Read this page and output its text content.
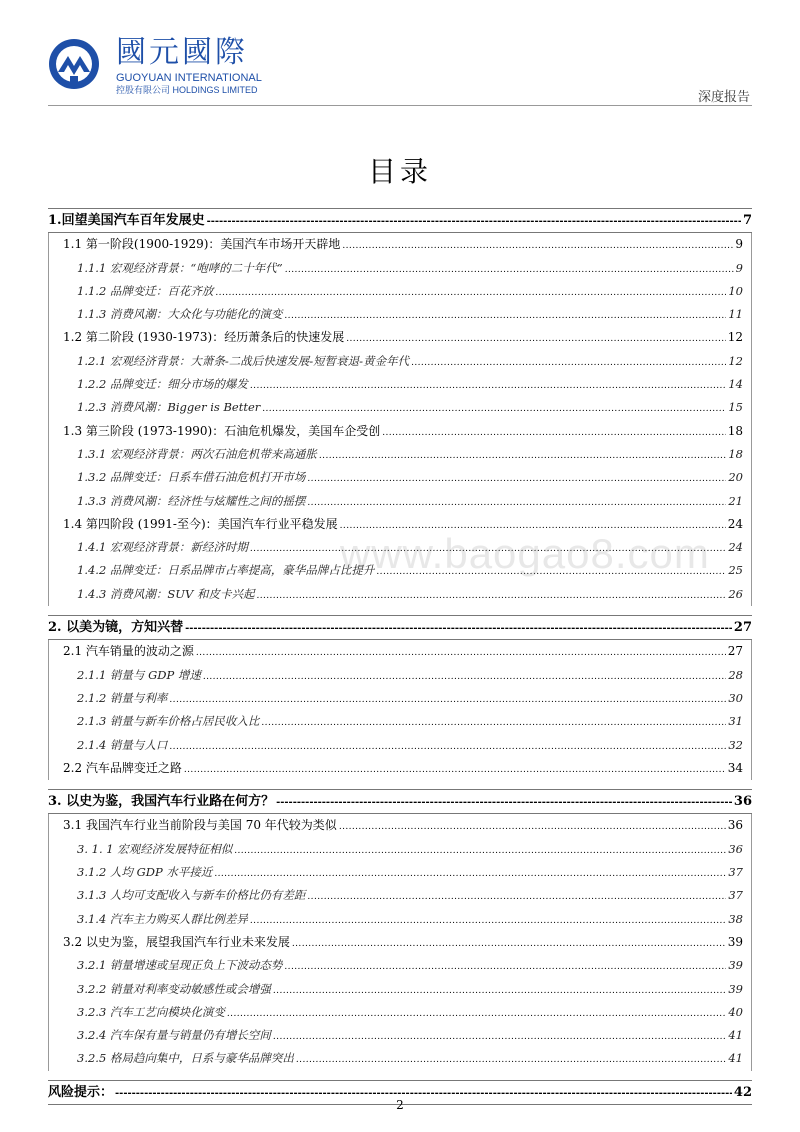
國元國際
GUOYUAN INTERNATIONAL
控股有限公司 HOLDINGS LIMITED	深度报告
目录
1.回望美国汽车百年发展史 -----	7
1.1 第一阶段(1900-1929)：美国汽车市场开天辟地 .....	9
1.1.1 宏观经济背景：“咆哮的二十年代” .....	9
1.1.2 品牌变迁：百花齐放 .....	10
1.1.3 消费风潮：大众化与功能化的演变 .....	11
1.2 第二阶段 (1930-1973)：经历萧条后的快速发展 .....	12
1.2.1 宏观经济背景：大萧条-二战后快速发展-短暂衰退-黄金年代 .....	12
1.2.2 品牌变迁：细分市场的爆发 .....	14
1.2.3 消费风潮：Bigger is Better .....	15
1.3 第三阶段 (1973-1990)：石油危机爆发，美国车企受创 .....	18
1.3.1 宏观经济背景：两次石油危机带来高通胀 .....	18
1.3.2 品牌变迁：日系车借石油危机打开市场 .....	20
1.3.3 消费风潮：经济性与炫耀性之间的摇摆 .....	21
1.4 第四阶段 (1991-至今)：美国汽车行业平稳发展 .....	24
1.4.1 宏观经济背景：新经济时期 .....	24
1.4.2 品牌变迁：日系品牌市占率提高，豪华品牌占比提升 .....	25
1.4.3 消费风潮：SUV 和皮卡兴起 .....	26
2. 以美为镜，方知兴替 -----	27
2.1 汽车销量的波动之源 .....	27
2.1.1 销量与 GDP 增速 .....	28
2.1.2 销量与利率 .....	30
2.1.3 销量与新车价格占居民收入比 .....	31
2.1.4 销量与人口 .....	32
2.2 汽车品牌变迁之路 .....	34
3. 以史为鉴，我国汽车行业路在何方？ -----	36
3.1 我国汽车行业当前阶段与美国 70 年代较为类似 .....	36
3. 1. 1 宏观经济发展特征相似 .....	36
3.1.2 人均 GDP 水平接近 .....	37
3.1.3 人均可支配收入与新车价格比仍有差距 .....	37
3.1.4 汽车主力购买人群比例差异 .....	38
3.2 以史为鉴，展望我国汽车行业未来发展 .....	39
3.2.1 销量增速或呈现正负上下波动态势 .....	39
3.2.2 销量对利率变动敏感性或会增强 .....	39
3.2.3 汽车工艺向模块化演变 .....	40
3.2.4 汽车保有量与销量仍有增长空间 .....	41
3.2.5 格局趋向集中，日系与豪华品牌突出 .....	41
风险提示： -----	42
www.baogao8.com
2
